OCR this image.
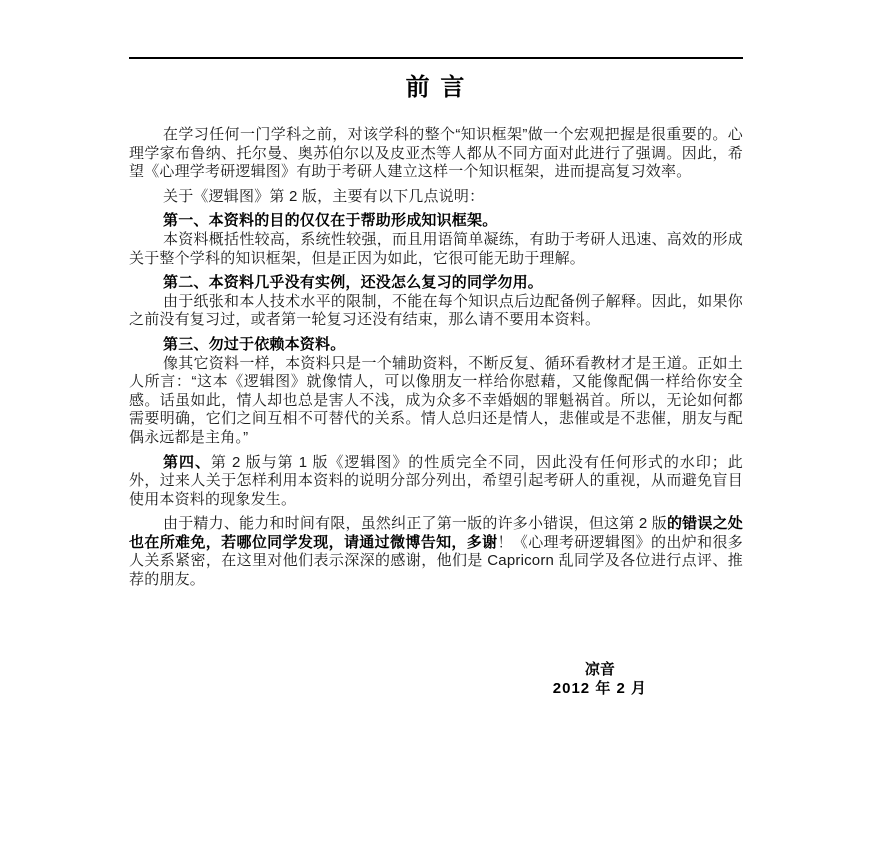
前 言

在学习任何一门学科之前，对该学科的整个“知识框架”做一个宏观把握是很重要的。心理学家布鲁纳、托尔曼、奥苏伯尔以及皮亚杰等人都从不同方面对此进行了强调。因此，希望《心理学考研逻辑图》有助于考研人建立这样一个知识框架，进而提高复习效率。

关于《逻辑图》第 2 版，主要有以下几点说明：

第一、本资料的目的仅仅在于帮助形成知识框架。

本资料概括性较高，系统性较强，而且用语简单凝练，有助于考研人迅速、高效的形成关于整个学科的知识框架，但是正因为如此，它很可能无助于理解。

第二、本资料几乎没有实例，还没怎么复习的同学勿用。

由于纸张和本人技术水平的限制，不能在每个知识点后边配备例子解释。因此，如果你之前没有复习过，或者第一轮复习还没有结束，那么请不要用本资料。

第三、勿过于依赖本资料。

像其它资料一样，本资料只是一个辅助资料，不断反复、循环看教材才是王道。正如土人所言：“这本《逻辑图》就像情人，可以像朋友一样给你慰藉，又能像配偶一样给你安全感。话虽如此，情人却也总是害人不浅，成为众多不幸婚姻的罪魁祸首。所以，无论如何都需要明确，它们之间互相不可替代的关系。情人总归还是情人，悲催或是不悲催，朋友与配偶永远都是主角。”

第四、第 2 版与第 1 版《逻辑图》的性质完全不同，因此没有任何形式的水印；此外，过来人关于怎样利用本资料的说明分部分列出，希望引起考研人的重视，从而避免盲目使用本资料的现象发生。

由于精力、能力和时间有限，虽然纠正了第一版的许多小错误，但这第 2 版的错误之处也在所难免，若哪位同学发现，请通过微博告知，多谢！《心理考研逻辑图》的出炉和很多人关系紧密，在这里对他们表示深深的感谢，他们是 Capricorn 乱同学及各位进行点评、推荐的朋友。

凉音
2012 年 2 月
